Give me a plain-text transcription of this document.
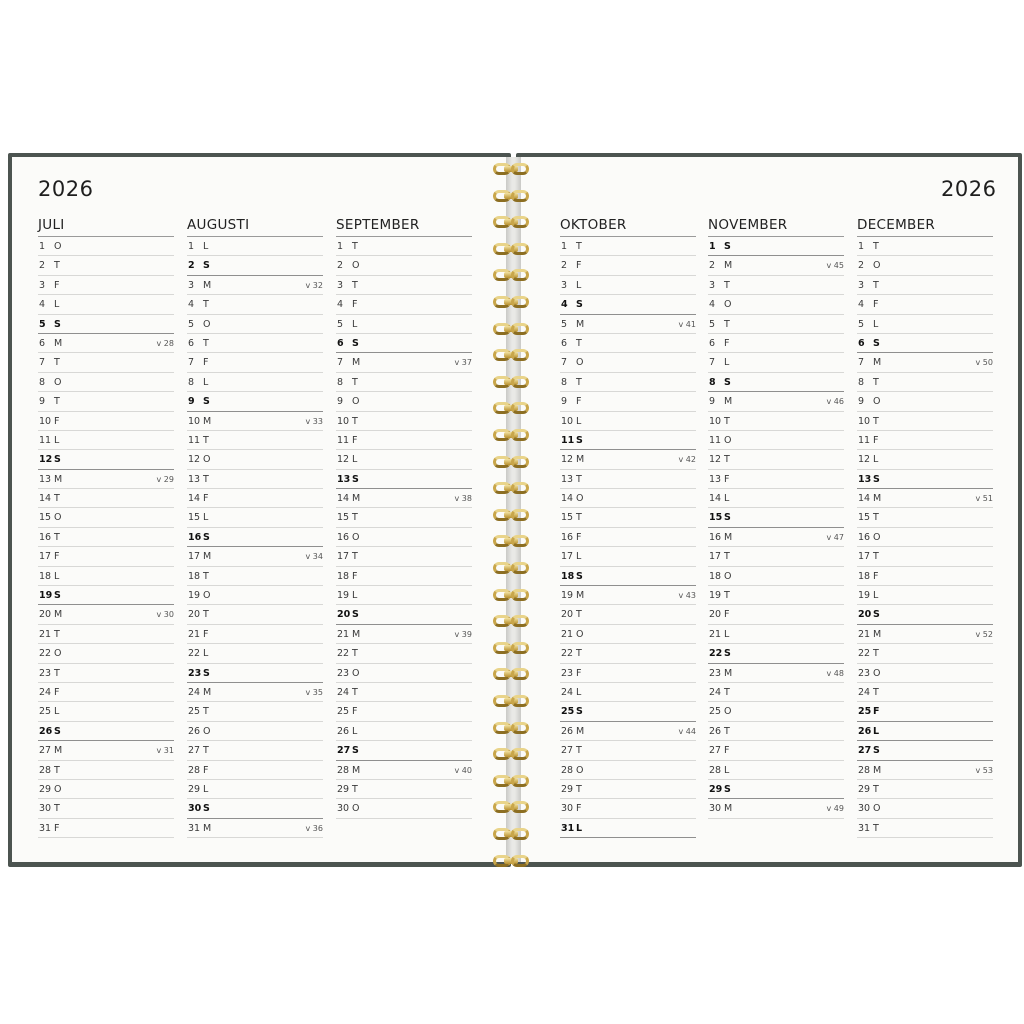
2026	2026
JULI
1 O
2 T
3 F
4 L
5 S
6 M	v 28
7 T
8 O
9 T
10 F
11 L
12 S
13 M	v 29
14 T
15 O
16 T
17 F
18 L
19 S
20 M	v 30
21 T
22 O
23 T
24 F
25 L
26 S
27 M	v 31
28 T
29 O
30 T
31 F
AUGUSTI
1 L
2 S
3 M	v 32
4 T
5 O
6 T
7 F
8 L
9 S
10 M	v 33
11 T
12 O
13 T
14 F
15 L
16 S
17 M	v 34
18 T
19 O
20 T
21 F
22 L
23 S
24 M	v 35
25 T
26 O
27 T
28 F
29 L
30 S
31 M	v 36
SEPTEMBER
1 T
2 O
3 T
4 F
5 L
6 S
7 M	v 37
8 T
9 O
10 T
11 F
12 L
13 S
14 M	v 38
15 T
16 O
17 T
18 F
19 L
20 S
21 M	v 39
22 T
23 O
24 T
25 F
26 L
27 S
28 M	v 40
29 T
30 O
OKTOBER
1 T
2 F
3 L
4 S
5 M	v 41
6 T
7 O
8 T
9 F
10 L
11 S
12 M	v 42
13 T
14 O
15 T
16 F
17 L
18 S
19 M	v 43
20 T
21 O
22 T
23 F
24 L
25 S
26 M	v 44
27 T
28 O
29 T
30 F
31 L
NOVEMBER
1 S
2 M	v 45
3 T
4 O
5 T
6 F
7 L
8 S
9 M	v 46
10 T
11 O
12 T
13 F
14 L
15 S
16 M	v 47
17 T
18 O
19 T
20 F
21 L
22 S
23 M	v 48
24 T
25 O
26 T
27 F
28 L
29 S
30 M	v 49
DECEMBER
1 T
2 O
3 T
4 F
5 L
6 S
7 M	v 50
8 T
9 O
10 T
11 F
12 L
13 S
14 M	v 51
15 T
16 O
17 T
18 F
19 L
20 S
21 M	v 52
22 T
23 O
24 T
25 F
26 L
27 S
28 M	v 53
29 T
30 O
31 T
